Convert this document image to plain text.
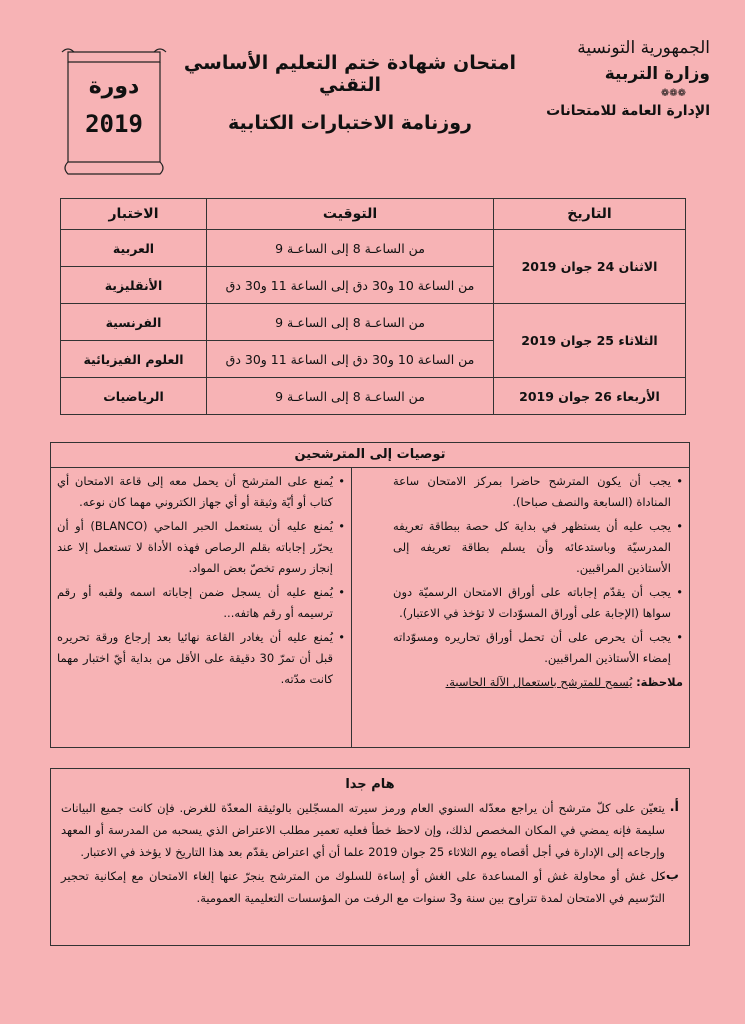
دورة
2019
امتحان شهادة ختم التعليم الأساسي التقني
روزنامة الاختبارات الكتابية
الجمهورية التونسية
وزارة التربية
❁❁❁
الإدارة العامة للامتحانات
التاريخ	التوقيت	الاختبار
الاثنان 24 جوان 2019	من الساعـة 8 إلى الساعـة 9	العربية
	من الساعة 10 و30 دق إلى الساعة 11 و30 دق	الأنقليزية
الثلاثاء 25 جوان 2019	من الساعـة 8 إلى الساعـة 9	الفرنسية
	من الساعة 10 و30 دق إلى الساعة 11 و30 دق	العلوم الفيزيائية
الأربعاء 26 جوان 2019	من الساعـة 8 إلى الساعـة 9	الرياضيات
توصيات إلى المترشحين
• يجب أن يكون المترشح حاضرا بمركز الامتحان ساعة المناداة (السابعة والنصف صباحا).
• يجب عليه أن يستظهر في بداية كل حصة ببطاقة تعريفه المدرسيّة وباستدعائه وأن يسلم بطاقة تعريفه إلى الأستاذين المراقبين.
• يجب أن يقدّم إجاباته على أوراق الامتحان الرسميّة دون سواها (الإجابة على أوراق المسوّدات لا تؤخذ في الاعتبار).
• يجب أن يحرص على أن تحمل أوراق تحاريره ومسوّداته إمضاء الأستاذين المراقبين.
ملاحظة: يُسمح للمترشح باستعمال الآلة الحاسبة.
• يُمنع على المترشح أن يحمل معه إلى قاعة الامتحان أي كتاب أو أيّة وثيقة أو أي جهاز الكتروني مهما كان نوعه.
• يُمنع عليه أن يستعمل الحبر الماحي (BLANCO) أو أن يحرّر إجاباته بقلم الرصاص فهذه الأداة لا تستعمل إلا عند إنجاز رسوم تخصّ بعض المواد.
• يُمنع عليه أن يسجل ضمن إجاباته اسمه ولقبه أو رقم ترسيمه أو رقم هاتفه...
• يُمنع عليه أن يغادر القاعة نهائيا بعد إرجاع ورقة تحريره قبل أن تمرّ 30 دقيقة على الأقل من بداية أيّ اختبار مهما كانت مدّته.
هام جدا

أ.
يتعيّن على كلّ مترشح أن يراجع معدّله السنوي العام ورمز سيرته المسجّلين بالوثيقة المعدّة للغرض. فإن كانت جميع البيانات سليمة فإنه يمضي في المكان المخصص لذلك، وإن لاحظ خطأ فعليه تعمير مطلب الاعتراض الذي يسحبه من المدرسة أو المعهد وإرجاعه إلى الإدارة في أجل أقصاه يوم الثلاثاء 25 جوان 2019 علما أن أي اعتراض يقدّم بعد هذا التاريخ لا يؤخذ في الاعتبار.

ب.
كل غش أو محاولة غش أو المساعدة على الغش أو إساءة للسلوك من المترشح ينجرّ عنها إلغاء الامتحان مع إمكانية تحجير الترّسيم في الامتحان لمدة تتراوح بين سنة و3 سنوات مع الرفت من المؤسسات التعليمية العمومية.
